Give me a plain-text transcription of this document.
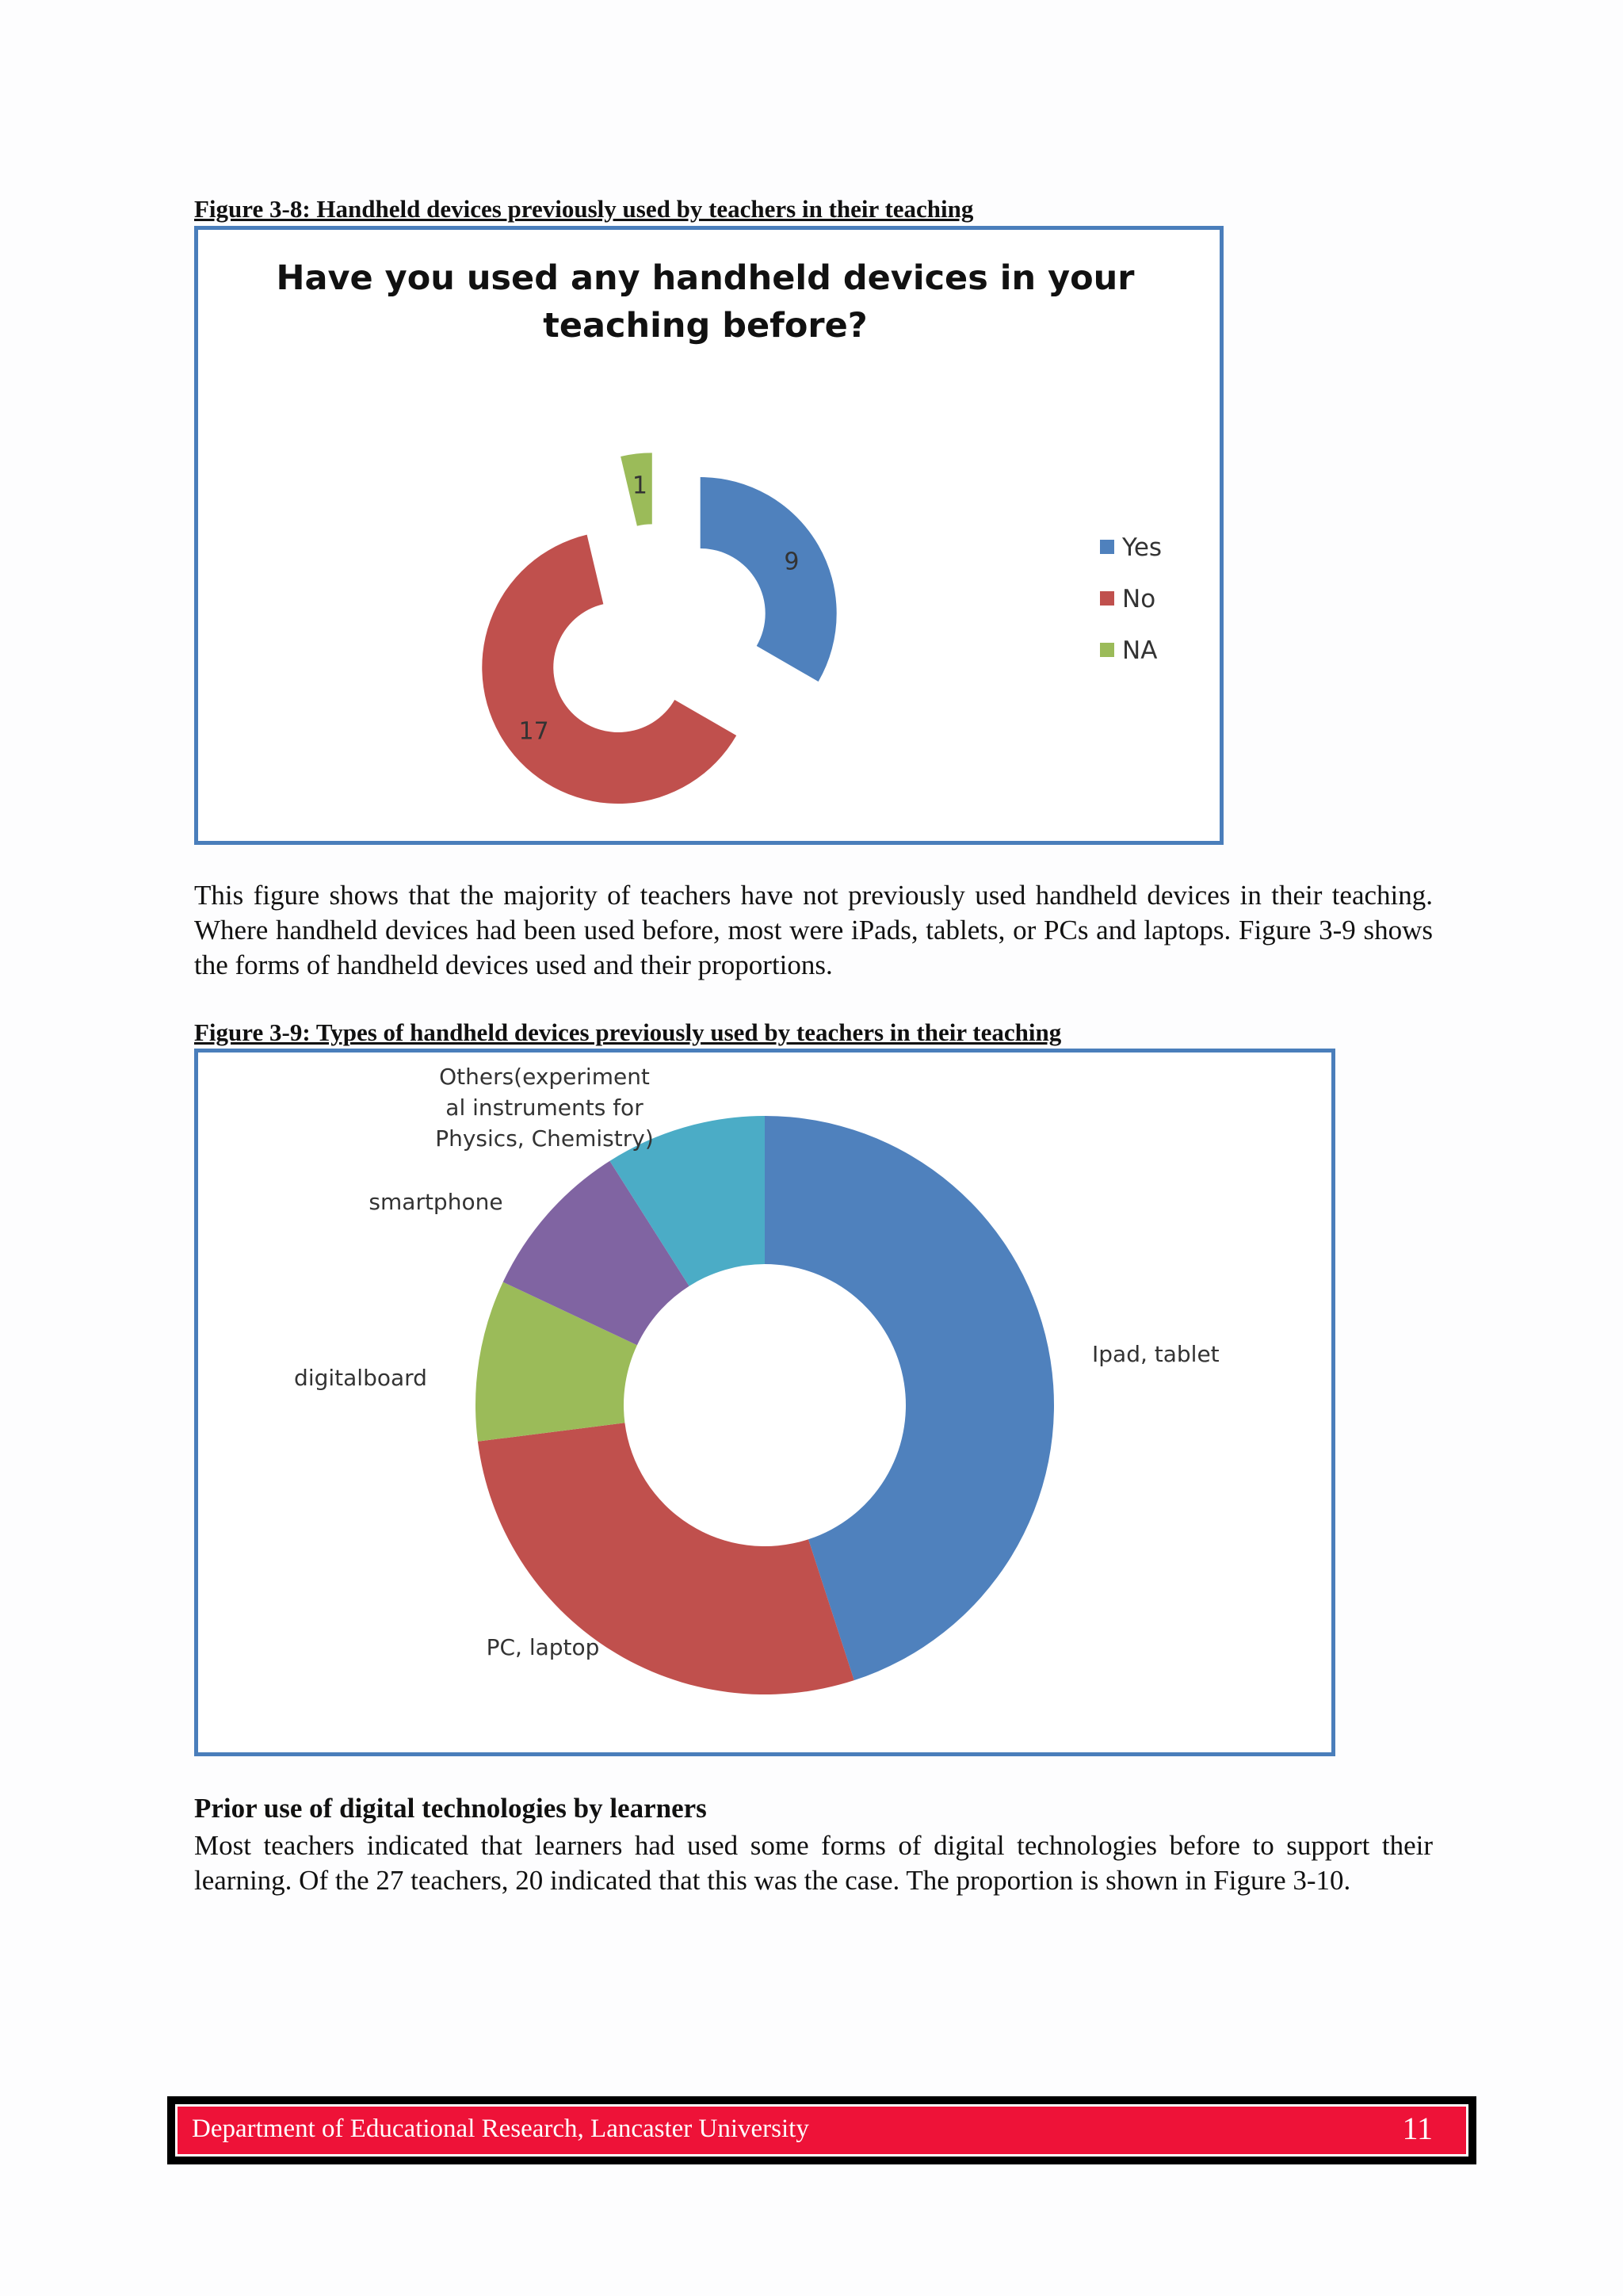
Figure 3-8: Handheld devices previously used by teachers in their teaching
Have you used any handheld devices in your
teaching before?
9
17
1
Yes
No
NA

This figure shows that the majority of teachers have not previously used handheld devices in their teaching. Where handheld devices had been used before, most were iPads, tablets, or PCs and laptops. Figure 3-9 shows the forms of handheld devices used and their proportions.

Figure 3-9: Types of handheld devices previously used by teachers in their teaching
Ipad, tablet
PC, laptop
digitalboard
smartphone
Others(experiment
al instruments for
Physics, Chemistry)
Prior use of digital technologies by learners

Most teachers indicated that learners had used some forms of digital technologies before to support their learning. Of the 27 teachers, 20 indicated that this was the case. The proportion is shown in Figure 3-10.

Department of Educational Research, Lancaster University	11
